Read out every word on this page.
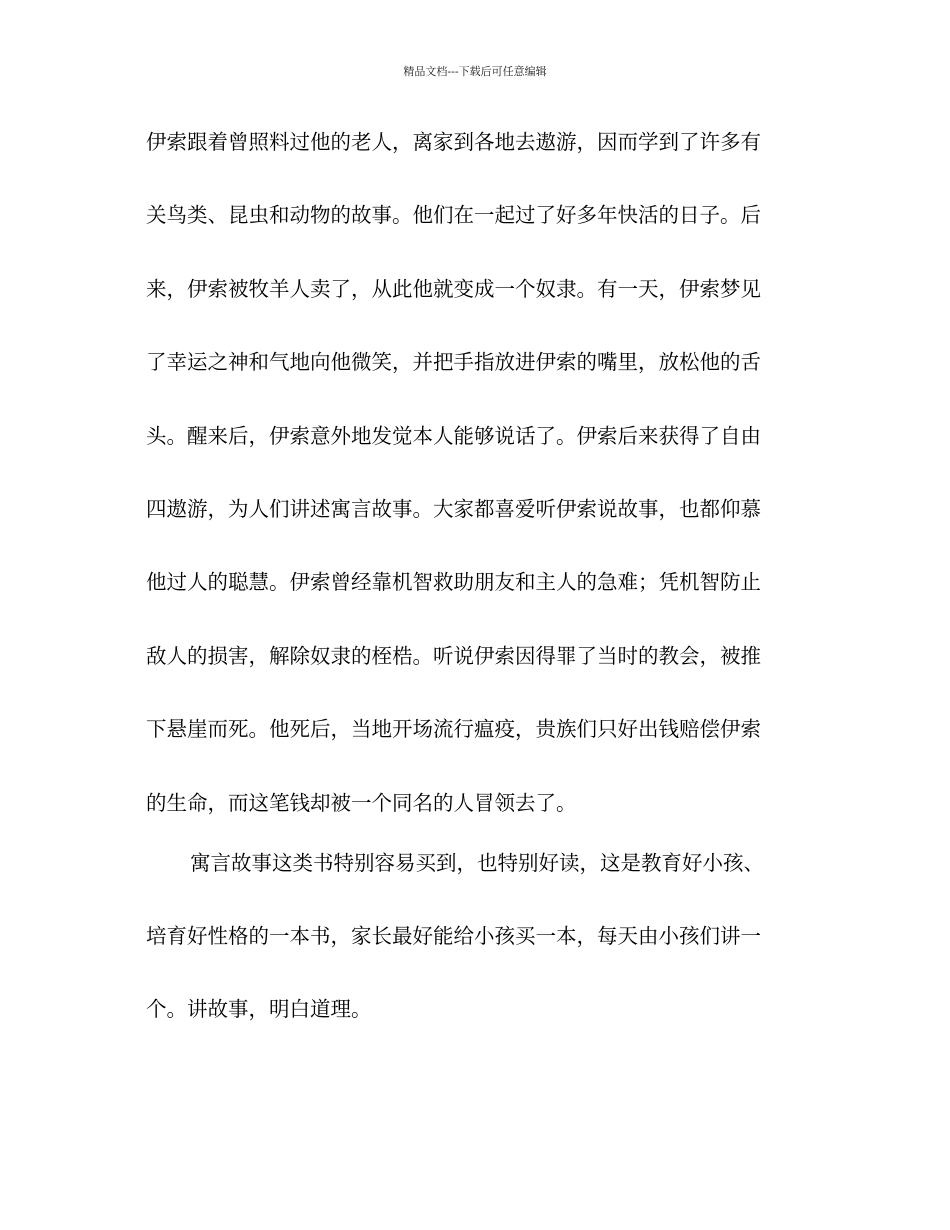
精品文档---下载后可任意编辑
伊索跟着曾照料过他的老人，离家到各地去遨游，因而学到了许多有
关鸟类、昆虫和动物的故事。他们在一起过了好多年快活的日子。后
来，伊索被牧羊人卖了，从此他就变成一个奴隶。有一天，伊索梦见
了幸运之神和气地向他微笑，并把手指放进伊索的嘴里，放松他的舌
头。醒来后，伊索意外地发觉本人能够说话了。伊索后来获得了自由
四遨游，为人们讲述寓言故事。大家都喜爱听伊索说故事，也都仰慕
他过人的聪慧。伊索曾经靠机智救助朋友和主人的急难；凭机智防止
敌人的损害，解除奴隶的桎梏。听说伊索因得罪了当时的教会，被推
下悬崖而死。他死后，当地开场流行瘟疫，贵族们只好出钱赔偿伊索
的生命，而这笔钱却被一个同名的人冒领去了。
寓言故事这类书特别容易买到，也特别好读，这是教育好小孩、
培育好性格的一本书，家长最好能给小孩买一本，每天由小孩们讲一
个。讲故事，明白道理。
